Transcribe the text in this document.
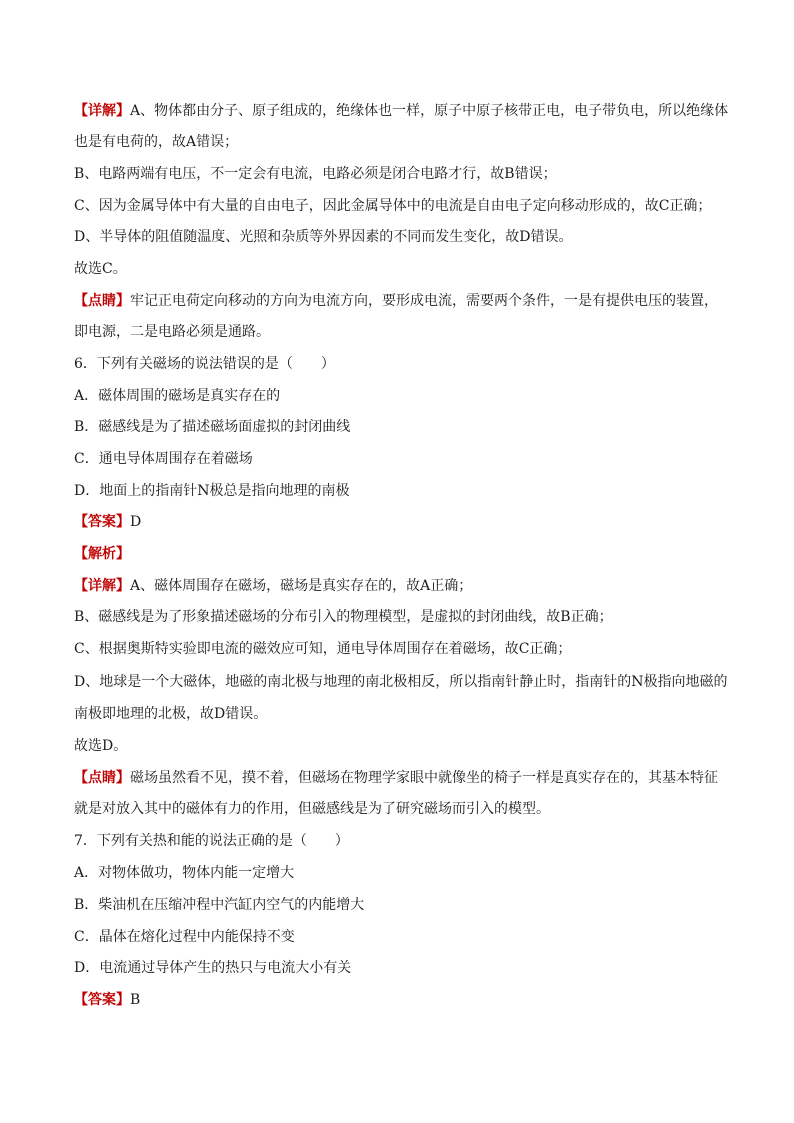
【详解】A、物体都由分子、原子组成的，绝缘体也一样，原子中原子核带正电，电子带负电，所以绝缘体
也是有电荷的，故A错误；
B、电路两端有电压，不一定会有电流，电路必须是闭合电路才行，故B错误；
C、因为金属导体中有大量的自由电子，因此金属导体中的电流是自由电子定向移动形成的，故C正确；
D、半导体的阻值随温度、光照和杂质等外界因素的不同而发生变化，故D错误。
故选C。
【点睛】牢记正电荷定向移动的方向为电流方向，要形成电流，需要两个条件，一是有提供电压的装置，
即电源，二是电路必须是通路。
6．下列有关磁场的说法错误的是（　　）
A．磁体周围的磁场是真实存在的
B．磁感线是为了描述磁场面虚拟的封闭曲线
C．通电导体周围存在着磁场
D．地面上的指南针N极总是指向地理的南极
【答案】D
【解析】
【详解】A、磁体周围存在磁场，磁场是真实存在的，故A正确；
B、磁感线是为了形象描述磁场的分布引入的物理模型，是虚拟的封闭曲线，故B正确；
C、根据奥斯特实验即电流的磁效应可知，通电导体周围存在着磁场，故C正确；
D、地球是一个大磁体，地磁的南北极与地理的南北极相反，所以指南针静止时，指南针的N极指向地磁的
南极即地理的北极，故D错误。
故选D。
【点睛】磁场虽然看不见，摸不着，但磁场在物理学家眼中就像坐的椅子一样是真实存在的，其基本特征
就是对放入其中的磁体有力的作用，但磁感线是为了研究磁场而引入的模型。
7．下列有关热和能的说法正确的是（　　）
A．对物体做功，物体内能一定增大
B．柴油机在压缩冲程中汽缸内空气的内能增大
C．晶体在熔化过程中内能保持不变
D．电流通过导体产生的热只与电流大小有关
【答案】B
